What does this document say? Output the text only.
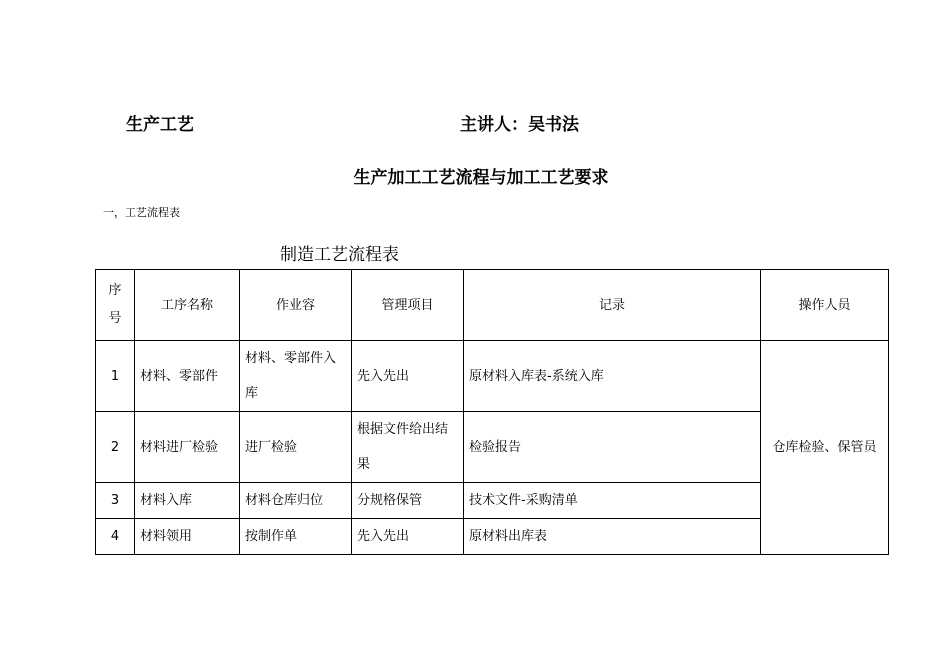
生产工艺	主讲人：吴书法
生产加工工艺流程与加工工艺要求
一，工艺流程表
制造工艺流程表
序
号	工序名称	作业容	管理项目	记录	操作人员
1	材料、零部件	材料、零部件入库	先入先出	原材料入库表-系统入库	仓库检验、保管员
2	材料进厂检验	进厂检验	根据文件给出结果	检验报告	
3	材料入库	材料仓库归位	分规格保管	技术文件-采购清单	
4	材料领用	按制作单	先入先出	原材料出库表	
